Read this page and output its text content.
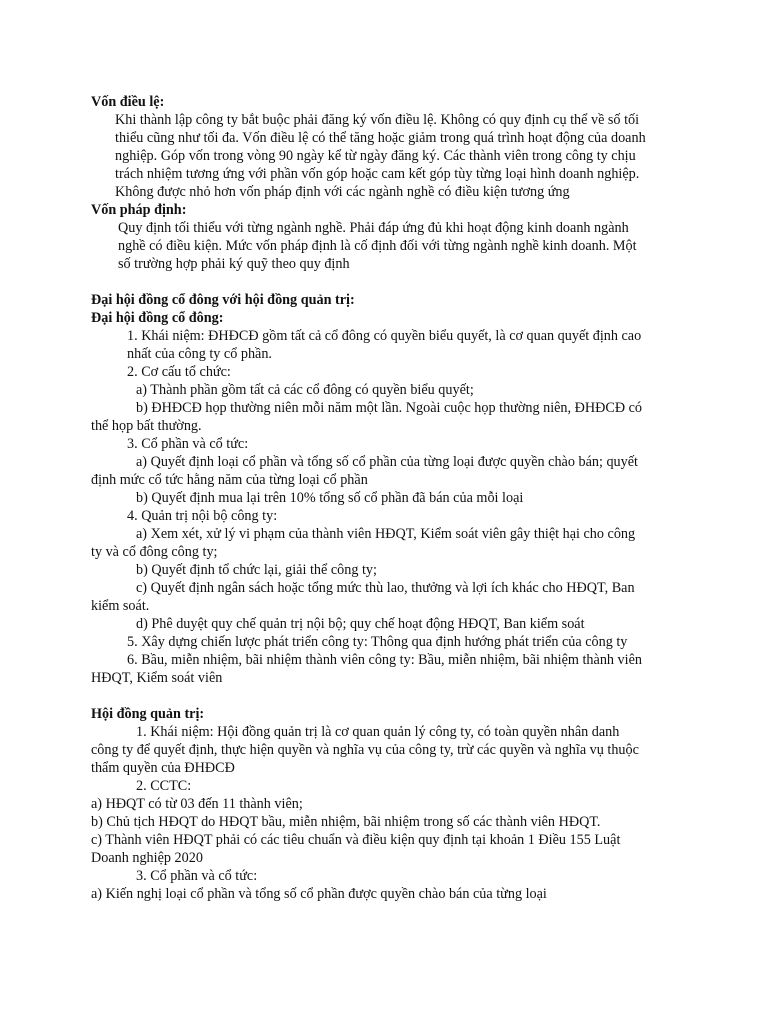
Vốn điều lệ:
Khi thành lập công ty bắt buộc phải đăng ký vốn điều lệ. Không có quy định cụ thể về số tối
thiểu cũng như tối đa. Vốn điều lệ có thể tăng hoặc giảm trong quá trình hoạt động của doanh
nghiệp. Góp vốn trong vòng 90 ngày kể từ ngày đăng ký. Các thành viên trong công ty chịu
trách nhiệm tương ứng với phần vốn góp hoặc cam kết góp tùy từng loại hình doanh nghiệp.
Không được nhỏ hơn vốn pháp định với các ngành nghề có điều kiện tương ứng
Vốn pháp định:
Quy định tối thiểu với từng ngành nghề. Phải đáp ứng đủ khi hoạt động kinh doanh ngành
nghề có điều kiện. Mức vốn pháp định là cố định đối với từng ngành nghề kinh doanh. Một
số trường hợp phải ký quỹ theo quy định
Đại hội đồng cổ đông với hội đồng quản trị:
Đại hội đồng cổ đông:
1. Khái niệm: ĐHĐCĐ gồm tất cả cổ đông có quyền biểu quyết, là cơ quan quyết định cao
nhất của công ty cổ phần.
2. Cơ cấu tổ chức:
a) Thành phần gồm tất cả các cổ đông có quyền biểu quyết;
b) ĐHĐCĐ họp thường niên mỗi năm một lần. Ngoài cuộc họp thường niên, ĐHĐCĐ có
thể họp bất thường.
3. Cổ phần và cổ tức:
a) Quyết định loại cổ phần và tổng số cổ phần của từng loại được quyền chào bán; quyết
định mức cổ tức hằng năm của từng loại cổ phần
b) Quyết định mua lại trên 10% tổng số cổ phần đã bán của mỗi loại
4. Quản trị nội bộ công ty:
a) Xem xét, xử lý vi phạm của thành viên HĐQT, Kiểm soát viên gây thiệt hại cho công
ty và cổ đông công ty;
b) Quyết định tổ chức lại, giải thể công ty;
c) Quyết định ngân sách hoặc tổng mức thù lao, thưởng và lợi ích khác cho HĐQT, Ban
kiểm soát.
d) Phê duyệt quy chế quản trị nội bộ; quy chế hoạt động HĐQT, Ban kiểm soát
5. Xây dựng chiến lược phát triển công ty: Thông qua định hướng phát triển của công ty
6. Bầu, miễn nhiệm, bãi nhiệm thành viên công ty: Bầu, miễn nhiệm, bãi nhiệm thành viên
HĐQT, Kiểm soát viên
Hội đồng quản trị:
1. Khái niệm: Hội đồng quản trị là cơ quan quản lý công ty, có toàn quyền nhân danh
công ty để quyết định, thực hiện quyền và nghĩa vụ của công ty, trừ các quyền và nghĩa vụ thuộc
thẩm quyền của ĐHĐCĐ
2. CCTC:
a) HĐQT có từ 03 đến 11 thành viên;
b) Chủ tịch HĐQT do HĐQT bầu, miễn nhiệm, bãi nhiệm trong số các thành viên HĐQT.
c) Thành viên HĐQT phải có các tiêu chuẩn và điều kiện quy định tại khoản 1 Điều 155 Luật
Doanh nghiệp 2020
3. Cổ phần và cổ tức:
a) Kiến nghị loại cổ phần và tổng số cổ phần được quyền chào bán của từng loại
